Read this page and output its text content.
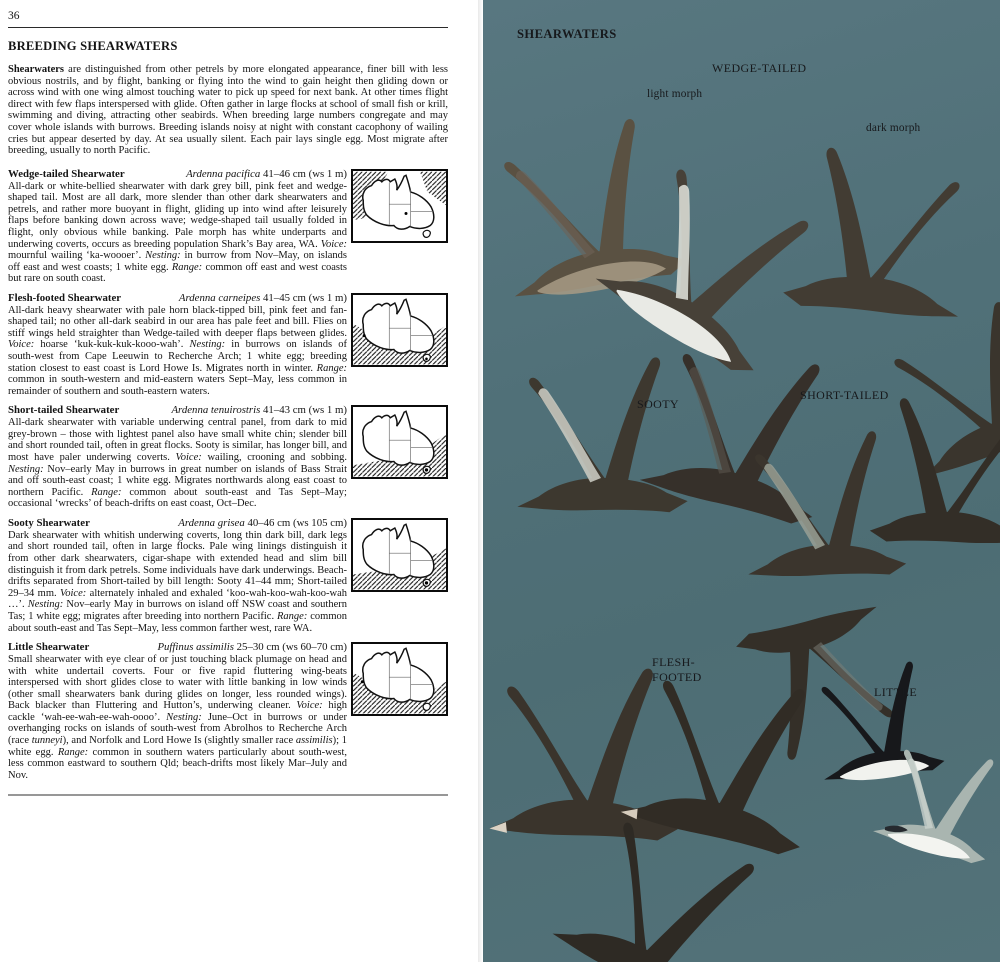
36
BREEDING SHEARWATERS

Shearwaters are distinguished from other petrels by more elongated appearance, finer bill with less obvious nostrils, and by flight, banking or flying into the wind to gain height then gliding down or across wind with one wing almost touching water to pick up speed for next bank. At other times flight direct with few flaps interspersed with glide. Often gather in large flocks at school of small fish or krill, swimming and diving, attracting other seabirds. When breeding large numbers congregate and may cover whole islands with burrows. Breeding islands noisy at night with constant cacophony of wailing cries but appear deserted by day. At sea usually silent. Each pair lays single egg. Most migrate after breeding, usually to north Pacific.

Wedge-tailed Shearwater	Ardenna pacifica 41–46 cm (ws 1 m)

All-dark or white-bellied shearwater with dark grey bill, pink feet and wedge-shaped tail. Most are all dark, more slender than other dark shearwaters and petrels, and rather more buoyant in flight, gliding up into wind after leisurely flaps before banking down across wave; wedge-shaped tail usually folded in flight, only obvious while banking. Pale morph has white underparts and underwing coverts, occurs as breeding population Shark’s Bay area, WA. Voice: mournful wailing ‘ka-woooer’. Nesting: in burrow from Nov–May, on islands off east and west coasts; 1 white egg. Range: common off east and west coasts but rare on south coast.

Flesh-footed Shearwater	Ardenna carneipes 41–45 cm (ws 1 m)

All-dark heavy shearwater with pale horn black-tipped bill, pink feet and fan-shaped tail; no other all-dark seabird in our area has pale feet and bill. Flies on stiff wings held straighter than Wedge-tailed with deeper flaps between glides. Voice: hoarse ‘kuk-kuk-kuk-kooo-wah’. Nesting: in burrows on islands of south-west from Cape Leeuwin to Recherche Arch; 1 white egg; breeding station closest to east coast is Lord Howe Is. Migrates north in winter. Range: common in south-western and mid-eastern waters Sept–May, less common in remainder of southern and south-eastern waters.

Short-tailed Shearwater	Ardenna tenuirostris 41–43 cm (ws 1 m)

All-dark shearwater with variable underwing central panel, from dark to mid grey-brown – those with lightest panel also have small white chin; slender bill and short rounded tail, often in great flocks. Sooty is similar, has longer bill, and most have paler underwing coverts. Voice: wailing, crooning and sobbing. Nesting: Nov–early May in burrows in great number on islands of Bass Strait and off south-east coast; 1 white egg. Migrates northwards along east coast to northern Pacific. Range: common about south-east and Tas Sept–May; occasional ‘wrecks’ of beach-drifts on east coast, Oct–Dec.

Sooty Shearwater	Ardenna grisea 40–46 cm (ws 105 cm)

Dark shearwater with whitish underwing coverts, long thin dark bill, dark legs and short rounded tail, often in large flocks. Pale wing linings distinguish it from other dark shearwaters, cigar-shape with extended head and slim bill distinguish it from dark petrels. Some individuals have dark underwings. Beach-drifts separated from Short-tailed by bill length: Sooty 41–44 mm; Short-tailed 29–34 mm. Voice: alternately inhaled and exhaled ‘koo-wah-koo-wah-koo-wah …’. Nesting: Nov–early May in burrows on island off NSW coast and southern Tas; 1 white egg; migrates after breeding into northern Pacific. Range: common about south-east and Tas Sept–May, less common farther west, rare WA.

Little Shearwater	Puffinus assimilis 25–30 cm (ws 60–70 cm)

Small shearwater with eye clear of or just touching black plumage on head and with white undertail coverts. Four or five rapid fluttering wing-beats interspersed with short glides close to water with little banking in low winds (other small shearwaters bank during glides on longer, less rounded wings). Back blacker than Fluttering and Hutton’s, underwing cleaner. Voice: high cackle ‘wah-ee-wah-ee-wah-oooo’. Nesting: June–Oct in burrows or under overhanging rocks on islands of south-west from Abrolhos to Recherche Arch (race tunneyi), and Norfolk and Lord Howe Is (slightly smaller race assimilis); 1 white egg. Range: common in southern waters particularly about south-west, less common eastward to southern Qld; beach-drifts most likely Mar–July and Nov.

SHEARWATERS
WEDGE-TAILED
light morph
dark morph
SOOTY
SHORT-TAILED
FLESH-
FOOTED
LITTLE
